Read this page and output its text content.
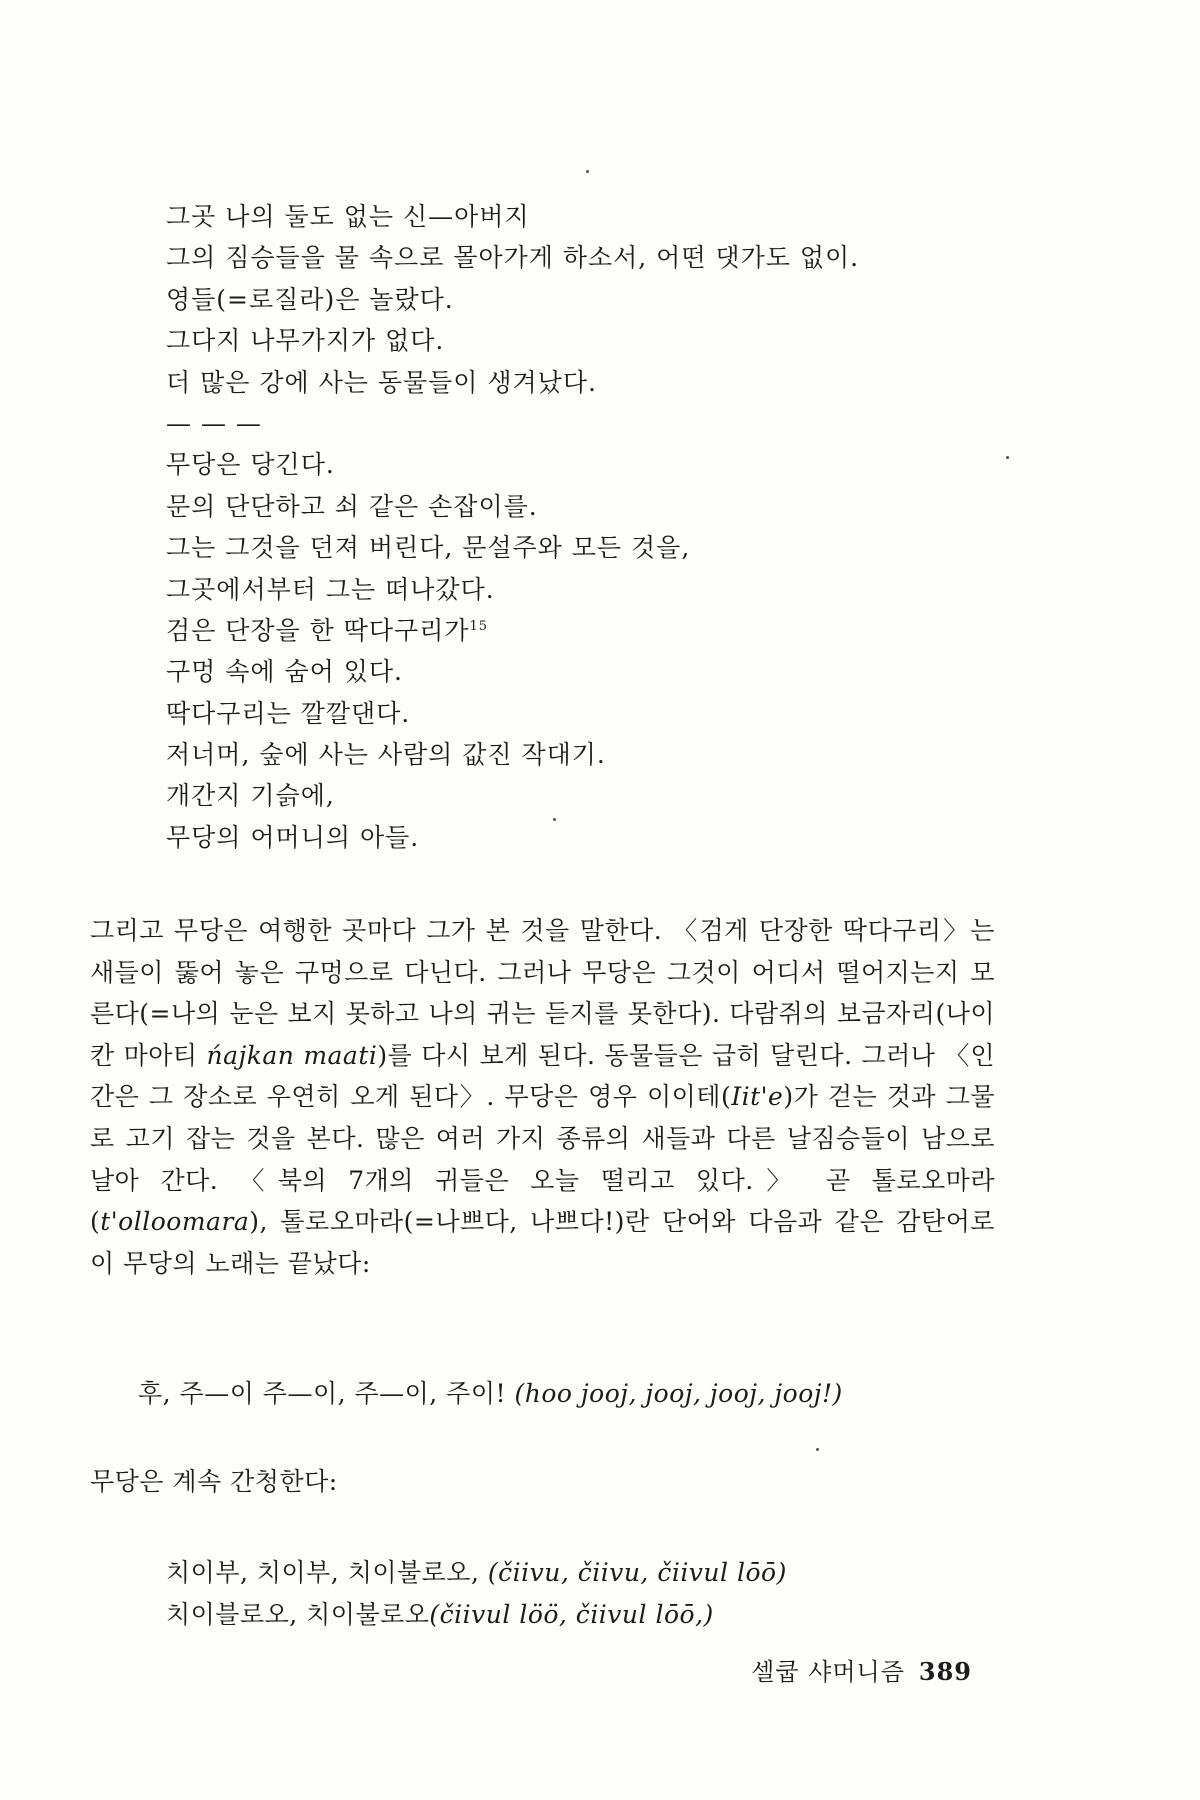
그곳 나의 둘도 없는 신—아버지
그의 짐승들을 물 속으로 몰아가게 하소서, 어떤 댓가도 없이.
영들(=로질라)은 놀랐다.
그다지 나무가지가 없다.
더 많은 강에 사는 동물들이 생겨났다.
— — —
무당은 당긴다.
문의 단단하고 쇠 같은 손잡이를.
그는 그것을 던져 버린다, 문설주와 모든 것을,
그곳에서부터 그는 떠나갔다.
검은 단장을 한 딱다구리가$^{15}$
구멍 속에 숨어 있다.
딱다구리는 깔깔댄다.
저너머, 숲에 사는 사람의 값진 작대기.
개간지 기슭에,
무당의 어머니의 아들.

그리고 무당은 여행한 곳마다 그가 본 것을 말한다. 〈검게 단장한 딱다구리〉는 새들이 뚫어 놓은 구멍으로 다닌다. 그러나 무당은 그것이 어디서 떨어지는지 모른다(=나의 눈은 보지 못하고 나의 귀는 듣지를 못한다). 다람쥐의 보금자리(나이칸 마아티 ńajkan maati)를 다시 보게 된다. 동물들은 급히 달린다. 그러나 〈인간은 그 장소로 우연히 오게 된다〉. 무당은 영우 이이테(Iit'e)가 걷는 것과 그물로 고기 잡는 것을 본다. 많은 여러 가지 종류의 새들과 다른 날짐승들이 남으로 날아 간다. 〈북의 7개의 귀들은 오늘 떨리고 있다.〉 곧 톨로오마라(t'olloomara), 톨로오마라(=나쁘다, 나쁘다!)란 단어와 다음과 같은 감탄어로 이 무당의 노래는 끝났다:

후, 주—이 주—이, 주—이, 주이! (hoo jooj, jooj, jooj, jooj!)
무당은 계속 간청한다:
치이부, 치이부, 치이불로오, (čiivu, čiivu, čiivul lōō)
치이블로오, 치이불로오(čiivul löö, čiivul lōō,)
셀쿱 샤머니즘 389
